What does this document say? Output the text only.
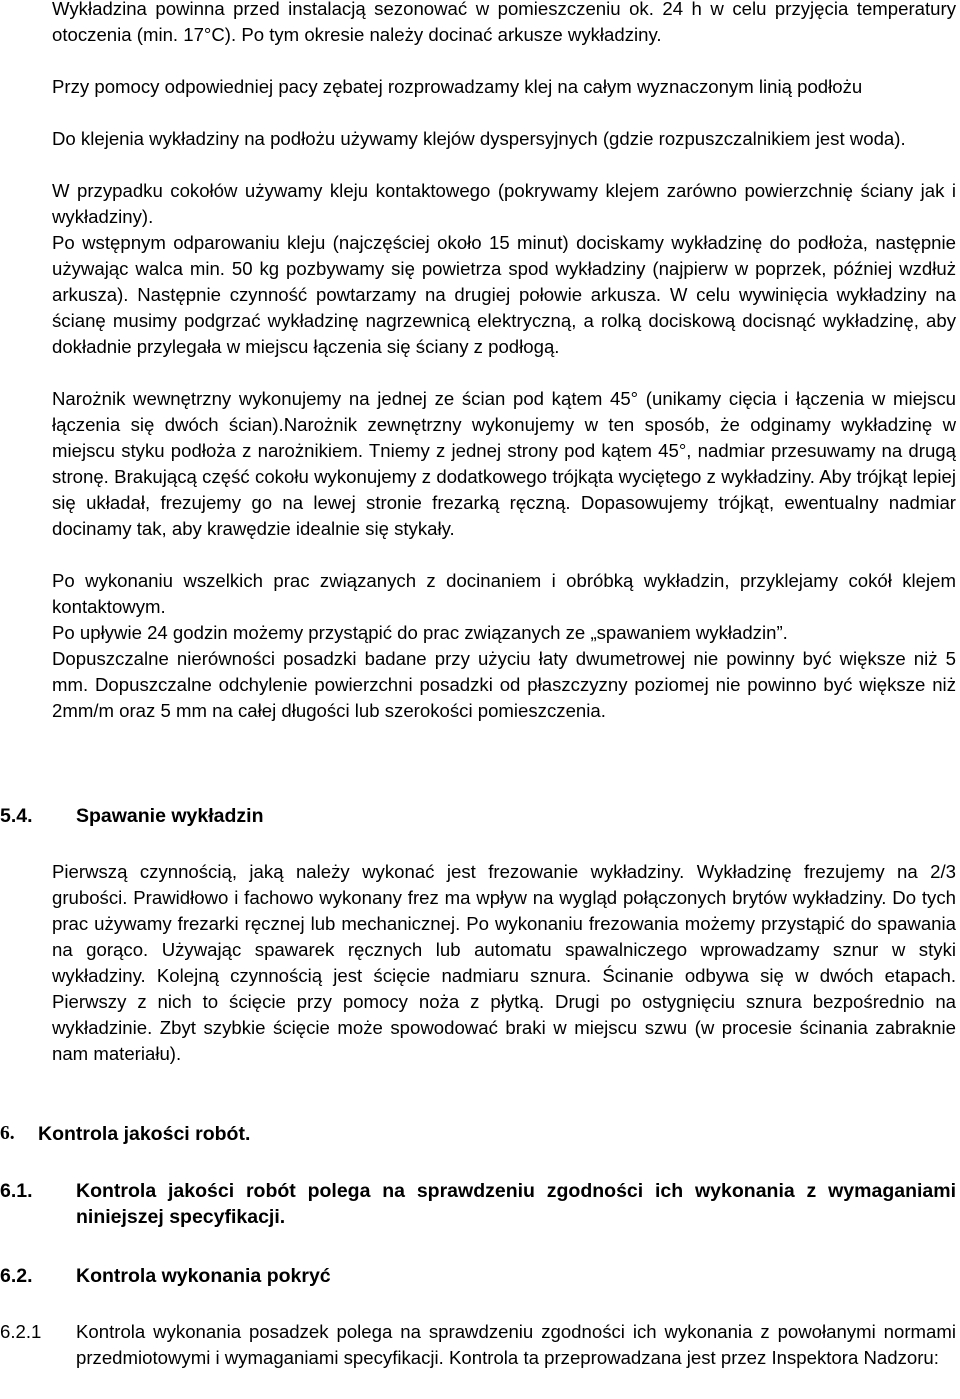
Wykładzina powinna przed instalacją sezonować w pomieszczeniu ok. 24 h w celu przyjęcia temperatury otoczenia (min. 17°C). Po tym okresie należy docinać arkusze wykładziny.

Przy pomocy odpowiedniej pacy zębatej rozprowadzamy klej na całym wyznaczonym linią podłożu

Do klejenia wykładziny na podłożu używamy klejów dyspersyjnych (gdzie rozpuszczalnikiem jest woda).

W przypadku cokołów używamy kleju kontaktowego (pokrywamy klejem zarówno powierzchnię ściany jak i wykładziny).

Po wstępnym odparowaniu kleju (najczęściej około 15 minut) dociskamy wykładzinę do podłoża, następnie używając walca min. 50 kg pozbywamy się powietrza spod wykładziny (najpierw w poprzek, później wzdłuż arkusza). Następnie czynność powtarzamy na drugiej połowie arkusza. W celu wywinięcia wykładziny na ścianę musimy podgrzać wykładzinę nagrzewnicą elektryczną, a rolką dociskową docisnąć wykładzinę, aby dokładnie przylegała w miejscu łączenia się ściany z podłogą.

Narożnik wewnętrzny wykonujemy na jednej ze ścian pod kątem 45° (unikamy cięcia i łączenia w miejscu łączenia się dwóch ścian).Narożnik zewnętrzny wykonujemy w ten sposób, że odginamy wykładzinę w miejscu styku podłoża z narożnikiem. Tniemy z jednej strony pod kątem 45°, nadmiar przesuwamy na drugą stronę. Brakującą część cokołu wykonujemy z dodatkowego trójkąta wyciętego z wykładziny. Aby trójkąt lepiej się układał, frezujemy go na lewej stronie frezarką ręczną. Dopasowujemy trójkąt, ewentualny nadmiar docinamy tak, aby krawędzie idealnie się stykały.

Po wykonaniu wszelkich prac związanych z docinaniem i obróbką wykładzin, przyklejamy cokół klejem kontaktowym.

Po upływie 24 godzin możemy przystąpić do prac związanych ze „spawaniem wykładzin”.

Dopuszczalne nierówności posadzki badane przy użyciu łaty dwumetrowej nie powinny być większe niż 5 mm. Dopuszczalne odchylenie powierzchni posadzki od płaszczyzny poziomej nie powinno być większe niż 2mm/m oraz 5 mm na całej długości lub szerokości pomieszczenia.

5.4. Spawanie wykładzin

Pierwszą czynnością, jaką należy wykonać jest frezowanie wykładziny. Wykładzinę frezujemy na 2/3 grubości. Prawidłowo i fachowo wykonany frez ma wpływ na wygląd połączonych brytów wykładziny. Do tych prac używamy frezarki ręcznej lub mechanicznej. Po wykonaniu frezowania możemy przystąpić do spawania na gorąco. Używając spawarek ręcznych lub automatu spawalniczego wprowadzamy sznur w styki wykładziny. Kolejną czynnością jest ścięcie nadmiaru sznura. Ścinanie odbywa się w dwóch etapach. Pierwszy z nich to ścięcie przy pomocy noża z płytką. Drugi po ostygnięciu sznura bezpośrednio na wykładzinie. Zbyt szybkie ścięcie może spowodować braki w miejscu szwu (w procesie ścinania zabraknie nam materiału).

6. Kontrola jakości robót.
6.1. Kontrola jakości robót polega na sprawdzeniu zgodności ich wykonania z wymaganiami niniejszej specyfikacji.
6.2. Kontrola wykonania pokryć
6.2.1 Kontrola wykonania posadzek polega na sprawdzeniu zgodności ich wykonania z powołanymi normami przedmiotowymi i wymaganiami specyfikacji. Kontrola ta przeprowadzana jest przez Inspektora Nadzoru:
